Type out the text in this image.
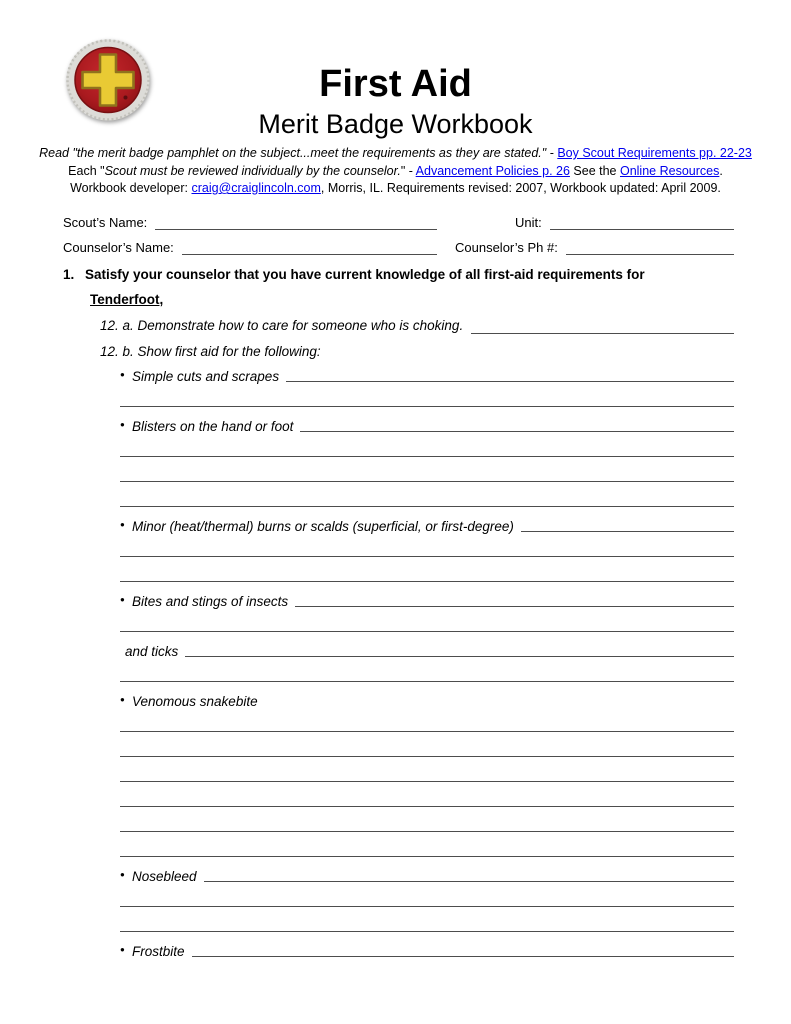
First Aid
Merit Badge Workbook
Read "the merit badge pamphlet on the subject...meet the requirements as they are stated." - Boy Scout Requirements pp. 22-23
Each "Scout must be reviewed individually by the counselor." - Advancement Policies p. 26 See the Online Resources.
Workbook developer: craig@craiglincoln.com, Morris, IL. Requirements revised: 2007, Workbook updated: April 2009.
Scout’s Name:	Unit:
Counselor’s Name:	Counselor’s Ph #:
1. Satisfy your counselor that you have current knowledge of all first-aid requirements for
Tenderfoot,
12. a. Demonstrate how to care for someone who is choking.
12. b. Show first aid for the following:
● Simple cuts and scrapes
● Blisters on the hand or foot
● Minor (heat/thermal) burns or scalds (superficial, or first-degree)
● Bites and stings of insects
and ticks
● Venomous snakebite
● Nosebleed
● Frostbite
